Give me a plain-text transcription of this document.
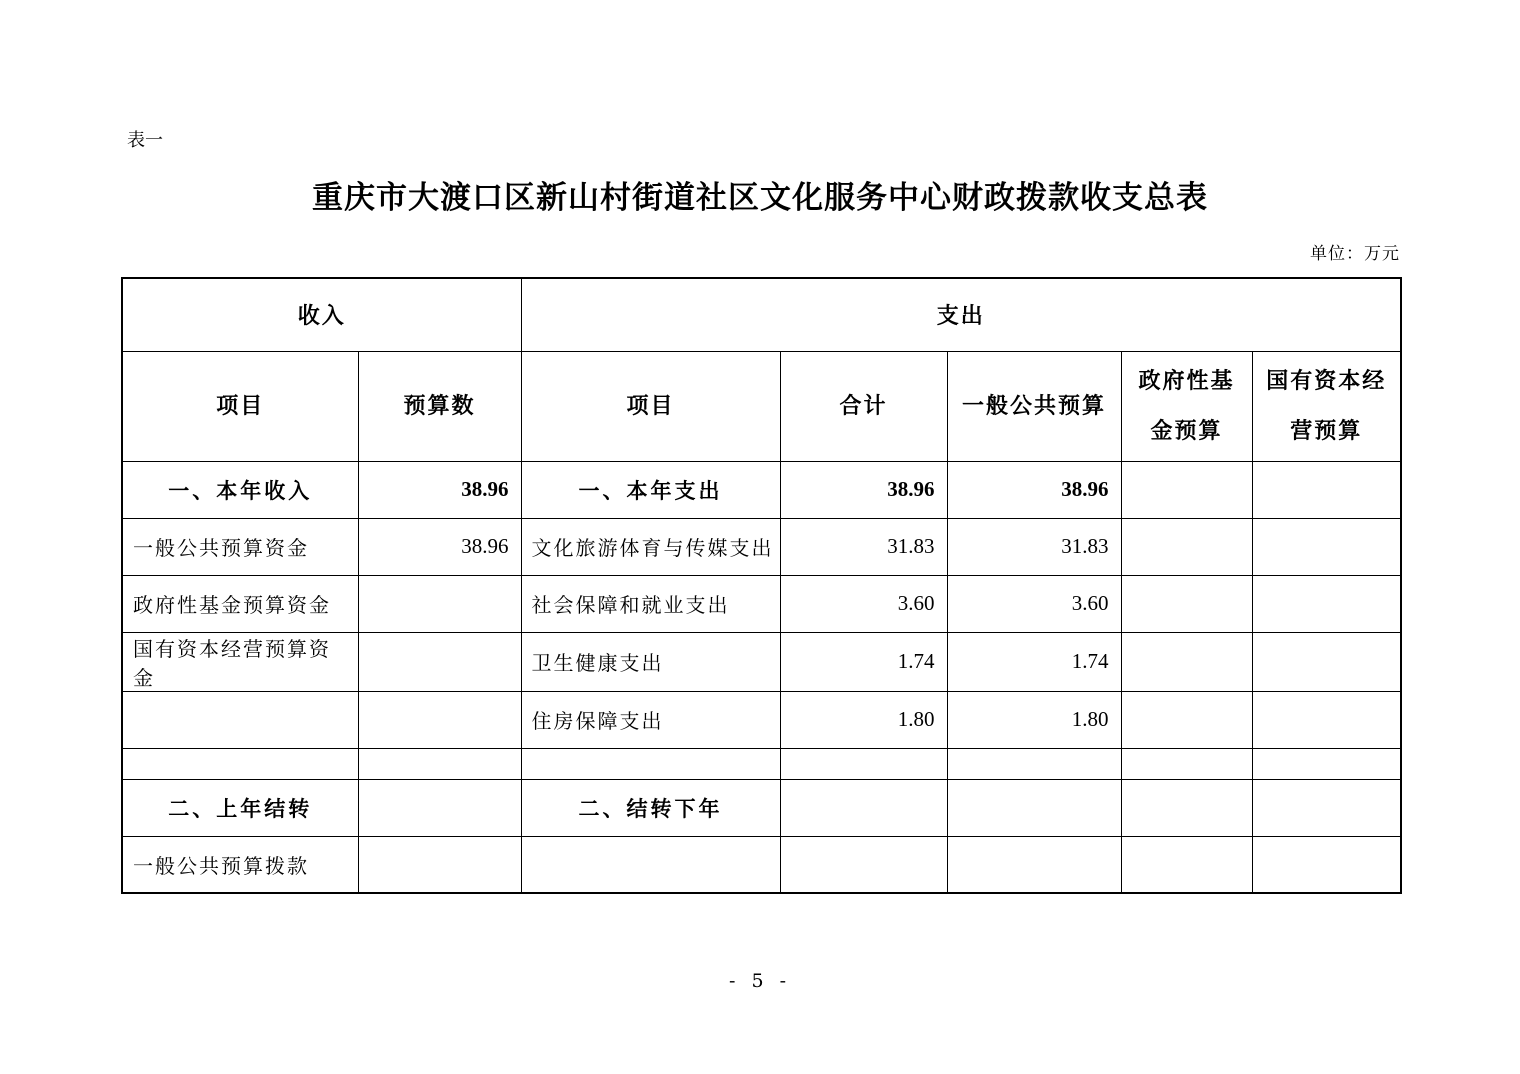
表一
重庆市大渡口区新山村街道社区文化服务中心财政拨款收支总表
单位：万元
收入		支出				
项目	预算数	项目	合计	一般公共预算	政府性基金预算	国有资本经营预算
一、本年收入	38.96	一、本年支出	38.96	38.96		
一般公共预算资金	38.96	文化旅游体育与传媒支出	31.83	31.83		
政府性基金预算资金		社会保障和就业支出	3.60	3.60		
国有资本经营预算资金		卫生健康支出	1.74	1.74		
		住房保障支出	1.80	1.80		

二、上年结转		二、结转下年				
一般公共预算拨款						
- 5 -
